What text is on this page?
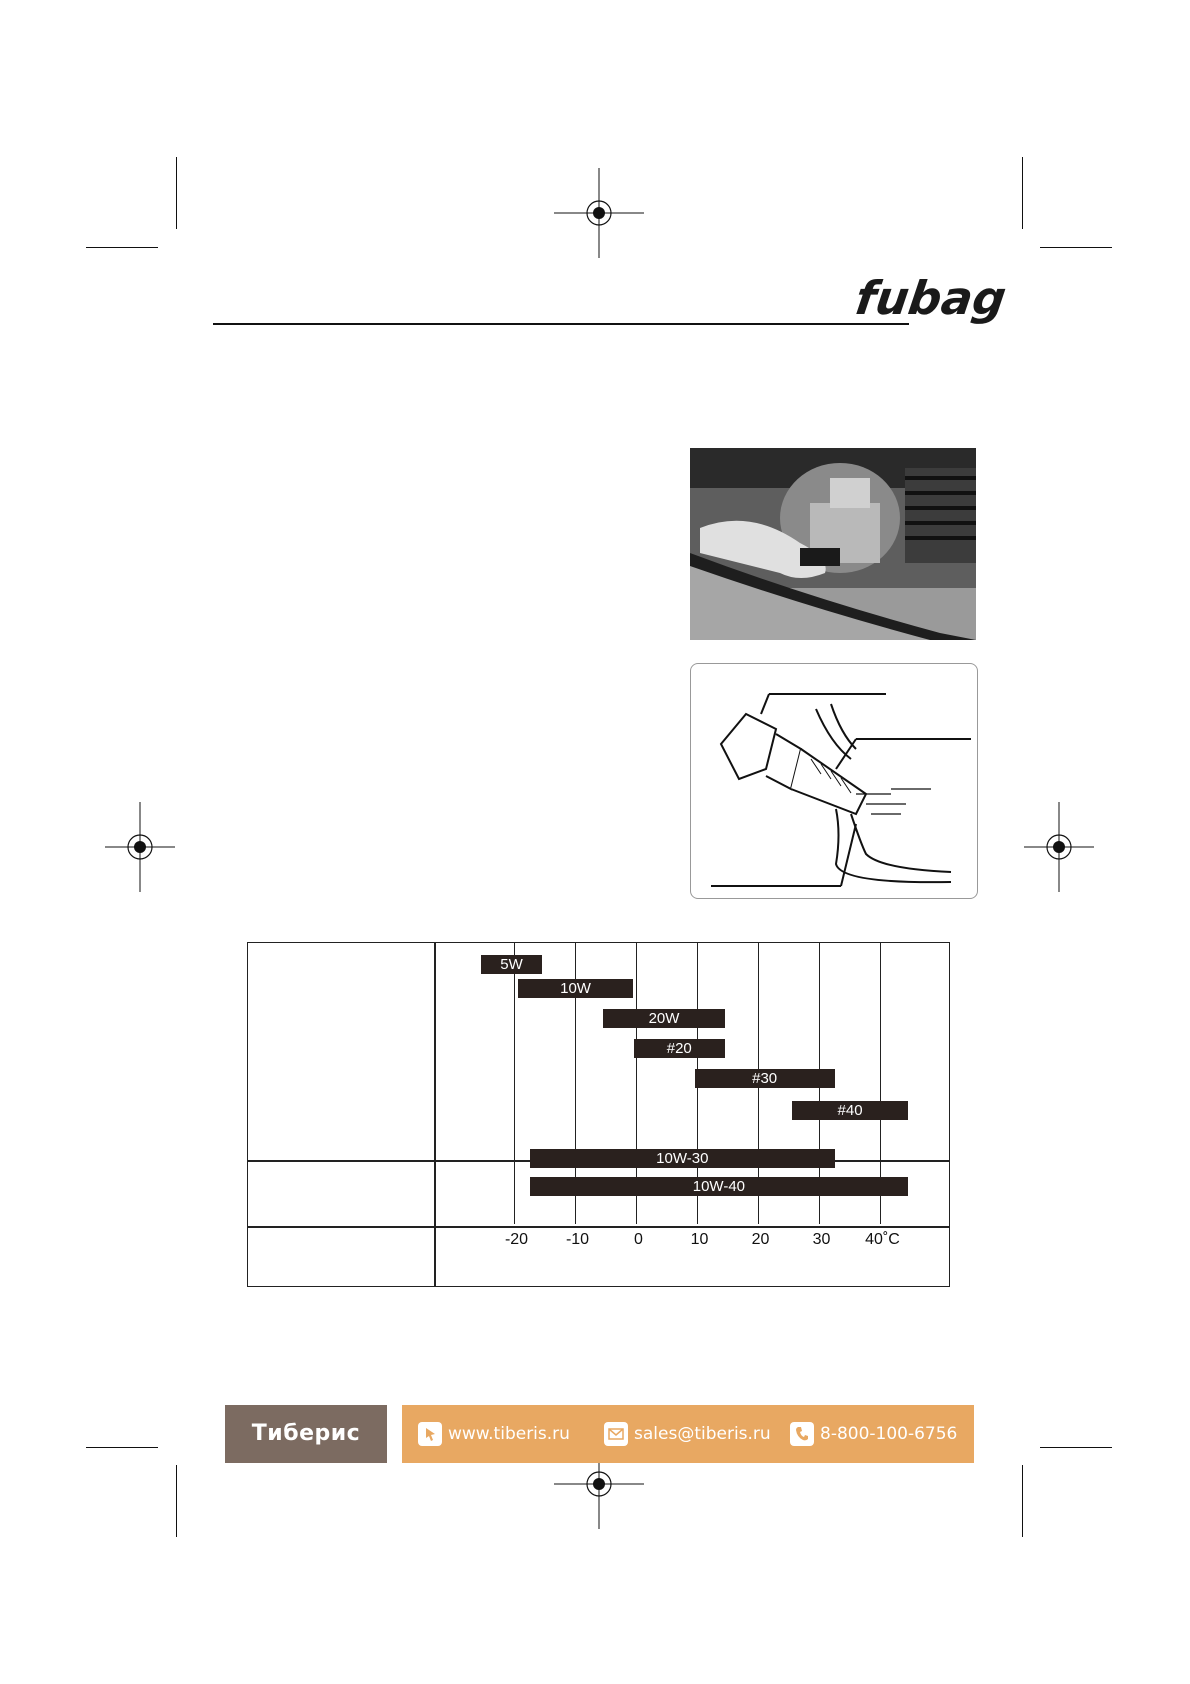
fubag
-20 -10	0	10	20	30 40˚C
5W
10W
20W
#20
#30
#40
10W-30
10W-40
Тиберис	www.tiberis.ru	sales@tiberis.ru	8-800-100-6756
